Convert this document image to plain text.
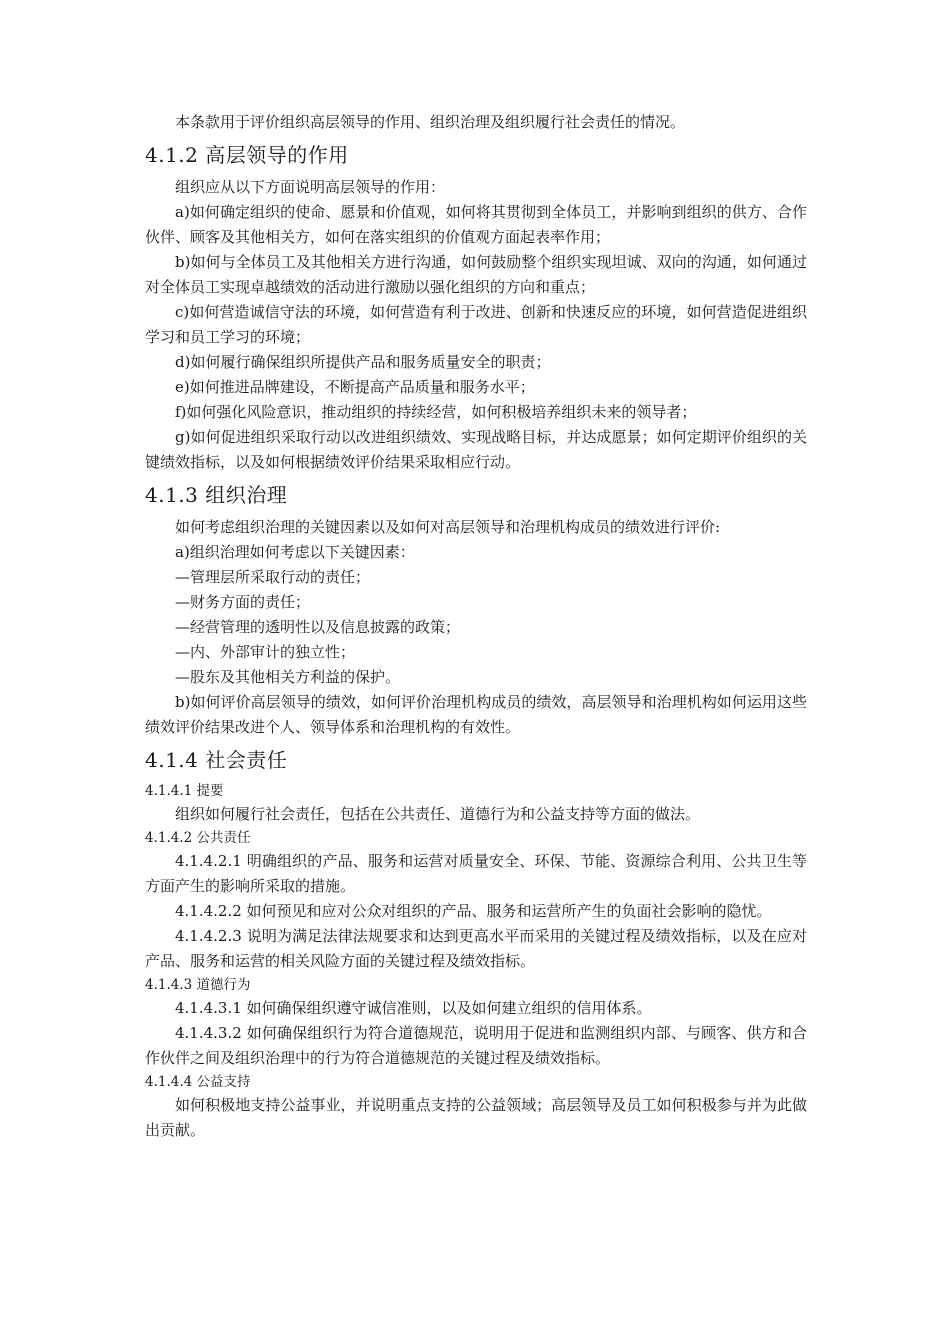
本条款用于评价组织高层领导的作用、组织治理及组织履行社会责任的情况。

4.1.2 高层领导的作用

组织应从以下方面说明高层领导的作用：

a)如何确定组织的使命、愿景和价值观，如何将其贯彻到全体员工，并影响到组织的供方、合作伙伴、顾客及其他相关方，如何在落实组织的价值观方面起表率作用；

b)如何与全体员工及其他相关方进行沟通，如何鼓励整个组织实现坦诚、双向的沟通，如何通过对全体员工实现卓越绩效的活动进行激励以强化组织的方向和重点；

c)如何营造诚信守法的环境，如何营造有利于改进、创新和快速反应的环境，如何营造促进组织学习和员工学习的环境；

d)如何履行确保组织所提供产品和服务质量安全的职责；

e)如何推进品牌建设，不断提高产品质量和服务水平；

f)如何强化风险意识，推动组织的持续经营，如何积极培养组织未来的领导者；

g)如何促进组织采取行动以改进组织绩效、实现战略目标，并达成愿景；如何定期评价组织的关键绩效指标，以及如何根据绩效评价结果采取相应行动。

4.1.3 组织治理

如何考虑组织治理的关键因素以及如何对高层领导和治理机构成员的绩效进行评价:

a)组织治理如何考虑以下关键因素：

—管理层所采取行动的责任；

—财务方面的责任；

—经营管理的透明性以及信息披露的政策；

—内、外部审计的独立性；

—股东及其他相关方利益的保护。

b)如何评价高层领导的绩效，如何评价治理机构成员的绩效，高层领导和治理机构如何运用这些绩效评价结果改进个人、领导体系和治理机构的有效性。

4.1.4 社会责任

4.1.4.1 提要

组织如何履行社会责任，包括在公共责任、道德行为和公益支持等方面的做法。

4.1.4.2 公共责任

4.1.4.2.1 明确组织的产品、服务和运营对质量安全、环保、节能、资源综合利用、公共卫生等方面产生的影响所采取的措施。

4.1.4.2.2 如何预见和应对公众对组织的产品、服务和运营所产生的负面社会影响的隐忧。

4.1.4.2.3 说明为满足法律法规要求和达到更高水平而采用的关键过程及绩效指标，以及在应对产品、服务和运营的相关风险方面的关键过程及绩效指标。

4.1.4.3 道德行为

4.1.4.3.1 如何确保组织遵守诚信准则，以及如何建立组织的信用体系。

4.1.4.3.2 如何确保组织行为符合道德规范，说明用于促进和监测组织内部、与顾客、供方和合作伙伴之间及组织治理中的行为符合道德规范的关键过程及绩效指标。

4.1.4.4 公益支持

如何积极地支持公益事业，并说明重点支持的公益领域；高层领导及员工如何积极参与并为此做出贡献。
